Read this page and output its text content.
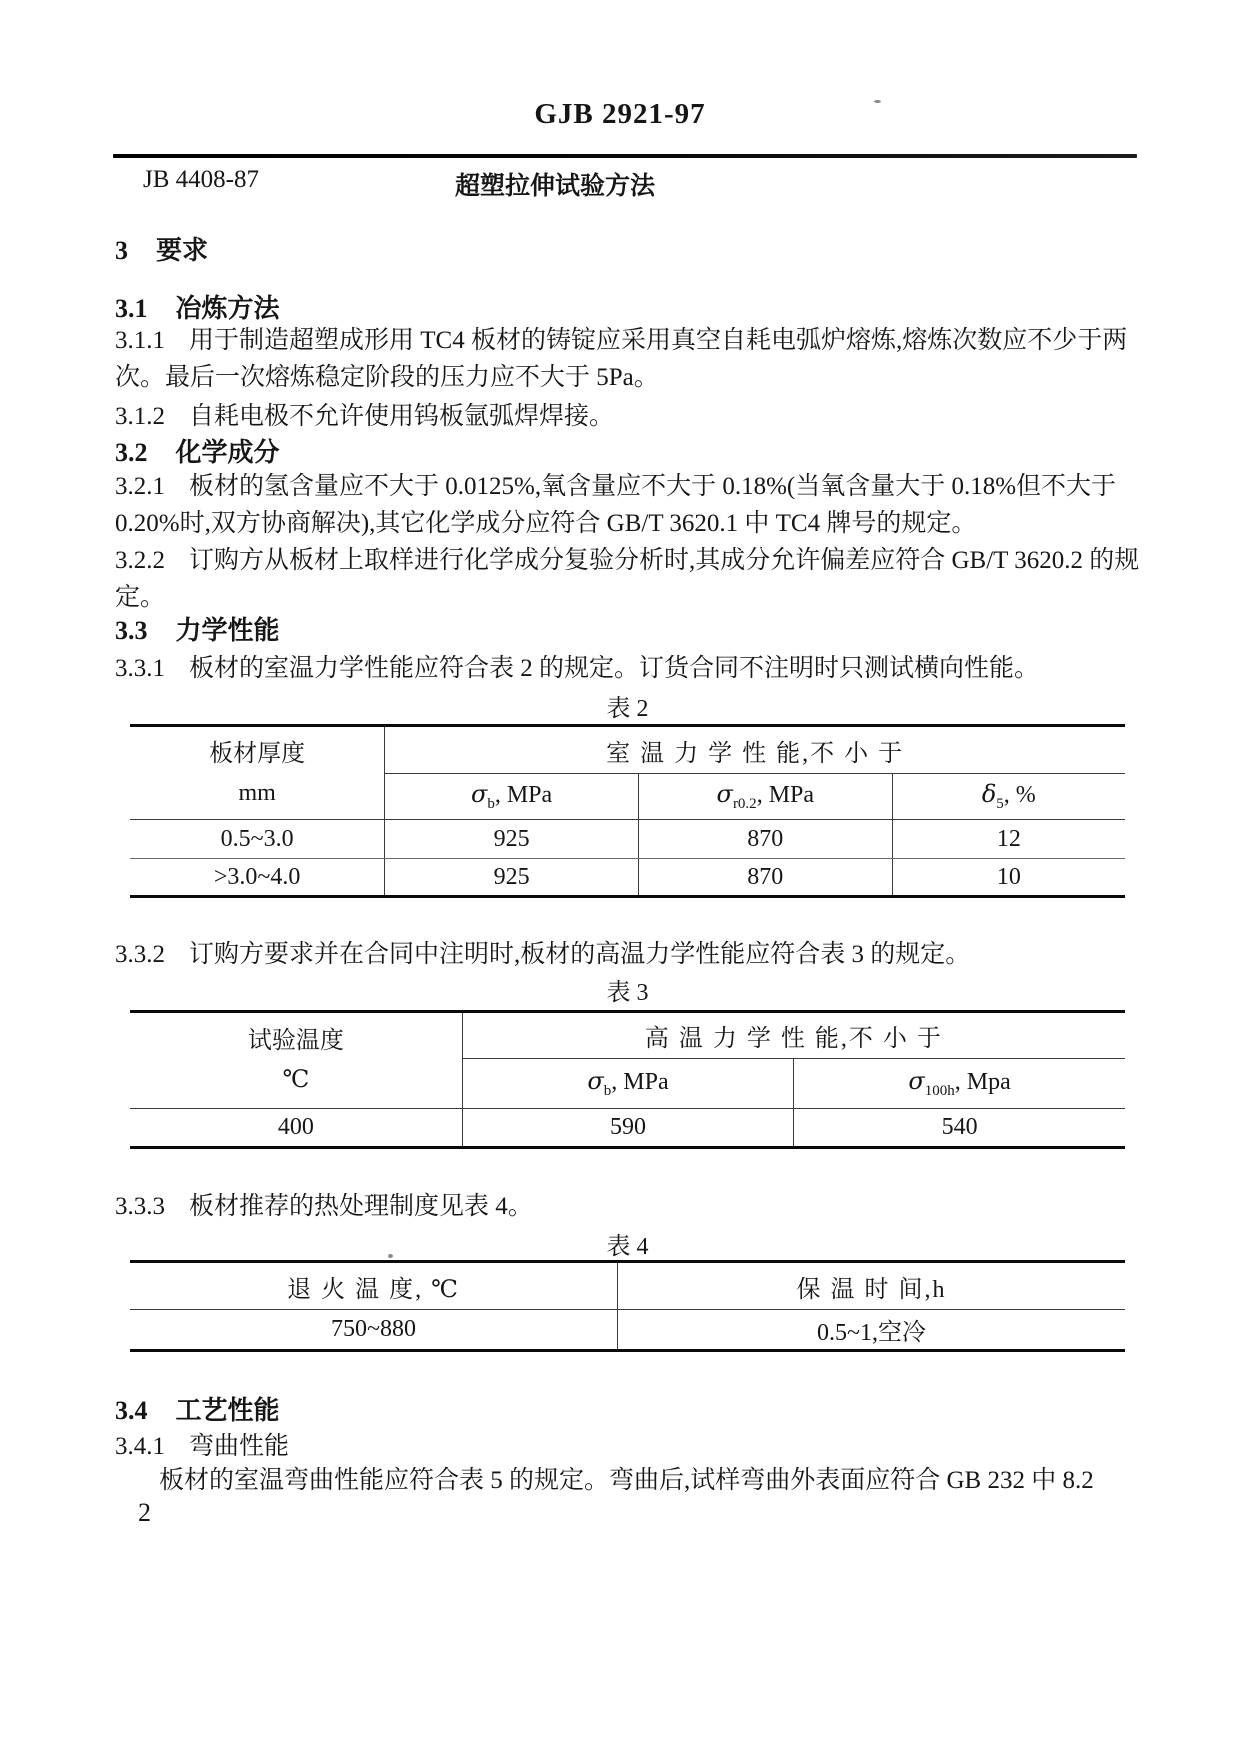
GJB 2921-97
JB 4408-87	超塑拉伸试验方法
3 要求
3.1 冶炼方法
3.1.1 用于制造超塑成形用 TC4 板材的铸锭应采用真空自耗电弧炉熔炼,熔炼次数应不少于两次。最后一次熔炼稳定阶段的压力应不大于 5Pa。
3.1.2 自耗电极不允许使用钨板氩弧焊焊接。
3.2 化学成分
3.2.1 板材的氢含量应不大于 0.0125%,氧含量应不大于 0.18%(当氧含量大于 0.18%但不大于 0.20%时,双方协商解决),其它化学成分应符合 GB/T 3620.1 中 TC4 牌号的规定。
3.2.2 订购方从板材上取样进行化学成分复验分析时,其成分允许偏差应符合 GB/T 3620.2 的规定。
3.3 力学性能
3.3.1 板材的室温力学性能应符合表 2 的规定。订货合同不注明时只测试横向性能。
表 2
板材厚度
mm	室 温 力 学 性 能,不 小 于		
	$\sigma_b$, MPa	$\sigma_{r0.2}$, MPa	$\delta_5$, %
0.5~3.0	925	870	12
>3.0~4.0	925	870	10
3.3.2 订购方要求并在合同中注明时,板材的高温力学性能应符合表 3 的规定。
表 3
试验温度
℃	高 温 力 学 性 能,不 小 于	
	$\sigma_b$, MPa	$\sigma_{100h}$, Mpa
400	590	540
3.3.3 板材推荐的热处理制度见表 4。
表 4
退 火 温 度, ℃	保 温 时 间,h
750~880	0.5~1,空冷
3.4 工艺性能
3.4.1 弯曲性能
板材的室温弯曲性能应符合表 5 的规定。弯曲后,试样弯曲外表面应符合 GB 232 中 8.2
2
